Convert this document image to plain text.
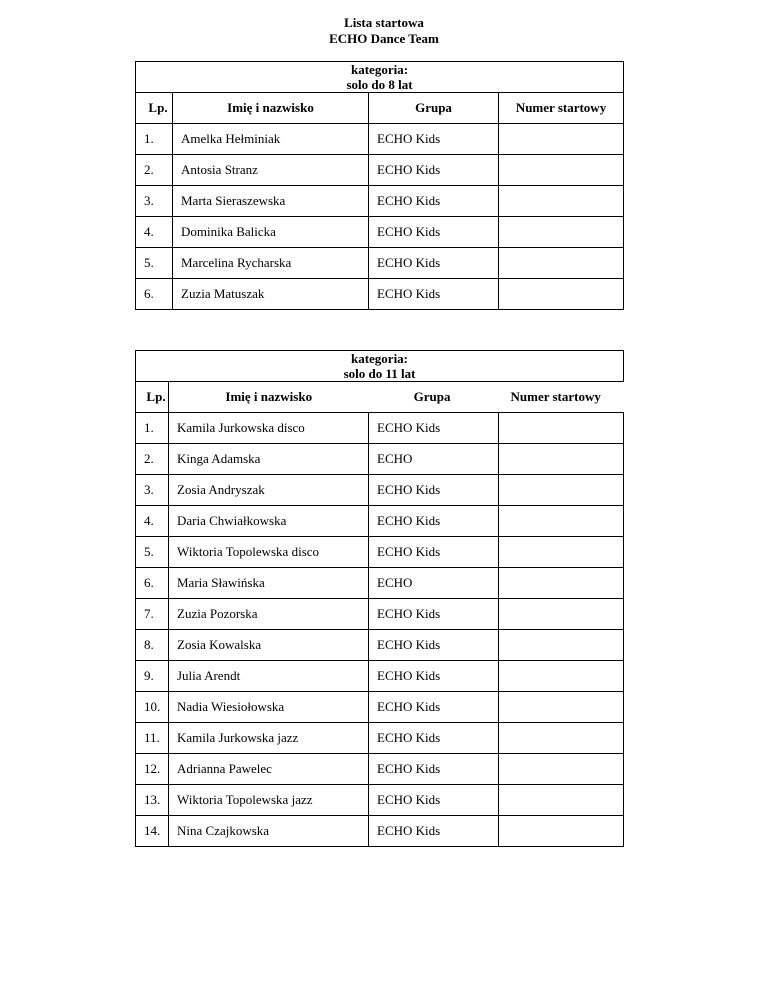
Lista startowa
ECHO Dance Team
kategoria:
solo do 8 lat			

Lp.	Imię i nazwisko	Grupa	Numer startowy
1.	Amelka Hełminiak	ECHO Kids	
2.	Antosia Stranz	ECHO Kids	
3.	Marta Sieraszewska	ECHO Kids	
4.	Dominika Balicka	ECHO Kids	
5.	Marcelina Rycharska	ECHO Kids	
6.	Zuzia Matuszak	ECHO Kids	
kategoria:
solo do 11 lat			

Lp.	Imię i nazwisko	Grupa	Numer startowy
1.	Kamila Jurkowska disco	ECHO Kids	
2.	Kinga Adamska	ECHO	
3.	Zosia Andryszak	ECHO Kids	
4.	Daria Chwiałkowska	ECHO Kids	
5.	Wiktoria Topolewska disco	ECHO Kids	
6.	Maria Sławińska	ECHO	
7.	Zuzia Pozorska	ECHO Kids	
8.	Zosia Kowalska	ECHO Kids	
9.	Julia Arendt	ECHO Kids	
10.	Nadia Wiesiołowska	ECHO Kids	
11.	Kamila Jurkowska jazz	ECHO Kids	
12.	Adrianna Pawelec	ECHO Kids	
13.	Wiktoria Topolewska jazz	ECHO Kids	
14.	Nina Czajkowska	ECHO Kids	
